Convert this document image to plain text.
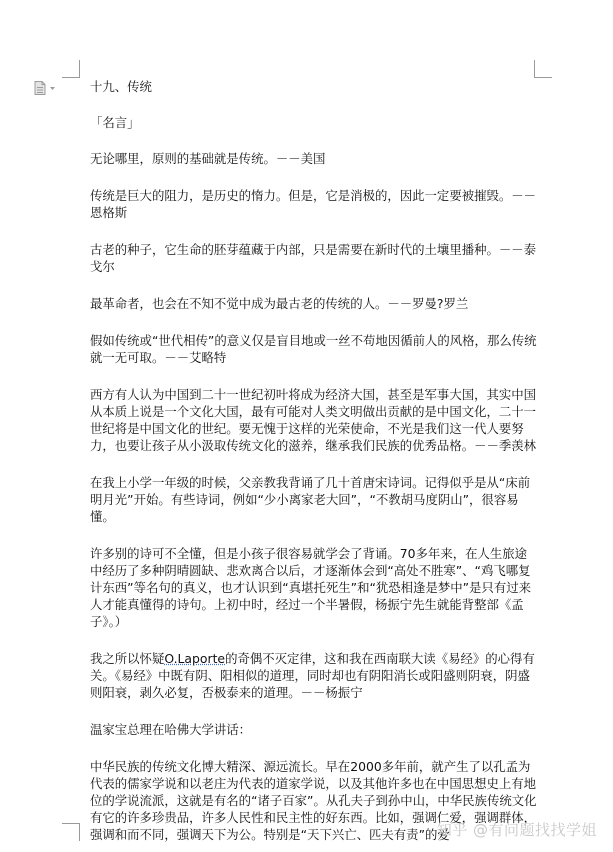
十九、传统

「名言」

无论哪里，原则的基础就是传统。－－美国

传统是巨大的阻力，是历史的惰力。但是，它是消极的，因此一定要被摧毁。－－恩格斯

古老的种子，它生命的胚芽蕴藏于内部，只是需要在新时代的土壤里播种。－－泰戈尔

最革命者，也会在不知不觉中成为最古老的传统的人。－－罗曼?罗兰

假如传统或“世代相传”的意义仅是盲目地或一丝不苟地因循前人的风格，那么传统就一无可取。－－艾略特

西方有人认为中国到二十一世纪初叶将成为经济大国，甚至是军事大国，其实中国从本质上说是一个文化大国，最有可能对人类文明做出贡献的是中国文化，二十一世纪将是中国文化的世纪。要无愧于这样的光荣使命，不光是我们这一代人要努力，也要让孩子从小汲取传统文化的滋养，继承我们民族的优秀品格。－－季羡林

在我上小学一年级的时候，父亲教我背诵了几十首唐宋诗词。记得似乎是从“床前明月光”开始。有些诗词，例如“少小离家老大回”，“不教胡马度阴山”，很容易懂。

许多别的诗可不全懂，但是小孩子很容易就学会了背诵。70多年来，在人生旅途中经历了多种阴晴圆缺、悲欢离合以后，才逐渐体会到“高处不胜寒”、“鸡飞哪复计东西”等名句的真义，也才认识到“真堪托死生”和“犹恐相逢是梦中”是只有过来人才能真懂得的诗句。上初中时，经过一个半暑假，杨振宁先生就能背整部《孟子》。）

我之所以怀疑O.Laporte的奇偶不灭定律，这和我在西南联大读《易经》的心得有关。《易经》中既有阴、阳相似的道理，同时却也有阴阳消长或阳盛则阴衰，阴盛则阳衰，剥久必复，否极泰来的道理。－－杨振宁

温家宝总理在哈佛大学讲话：

中华民族的传统文化博大精深、源远流长。早在2000多年前，就产生了以孔孟为代表的儒家学说和以老庄为代表的道家学说，以及其他许多也在中国思想史上有地位的学说流派，这就是有名的“诸子百家”。从孔夫子到孙中山，中华民族传统文化有它的许多珍贵品，许多人民性和民主性的好东西。比如，强调仁爱，强调群体，强调和而不同，强调天下为公。特别是“天下兴亡、匹夫有责”的爱

知乎 @有问题找找学姐
